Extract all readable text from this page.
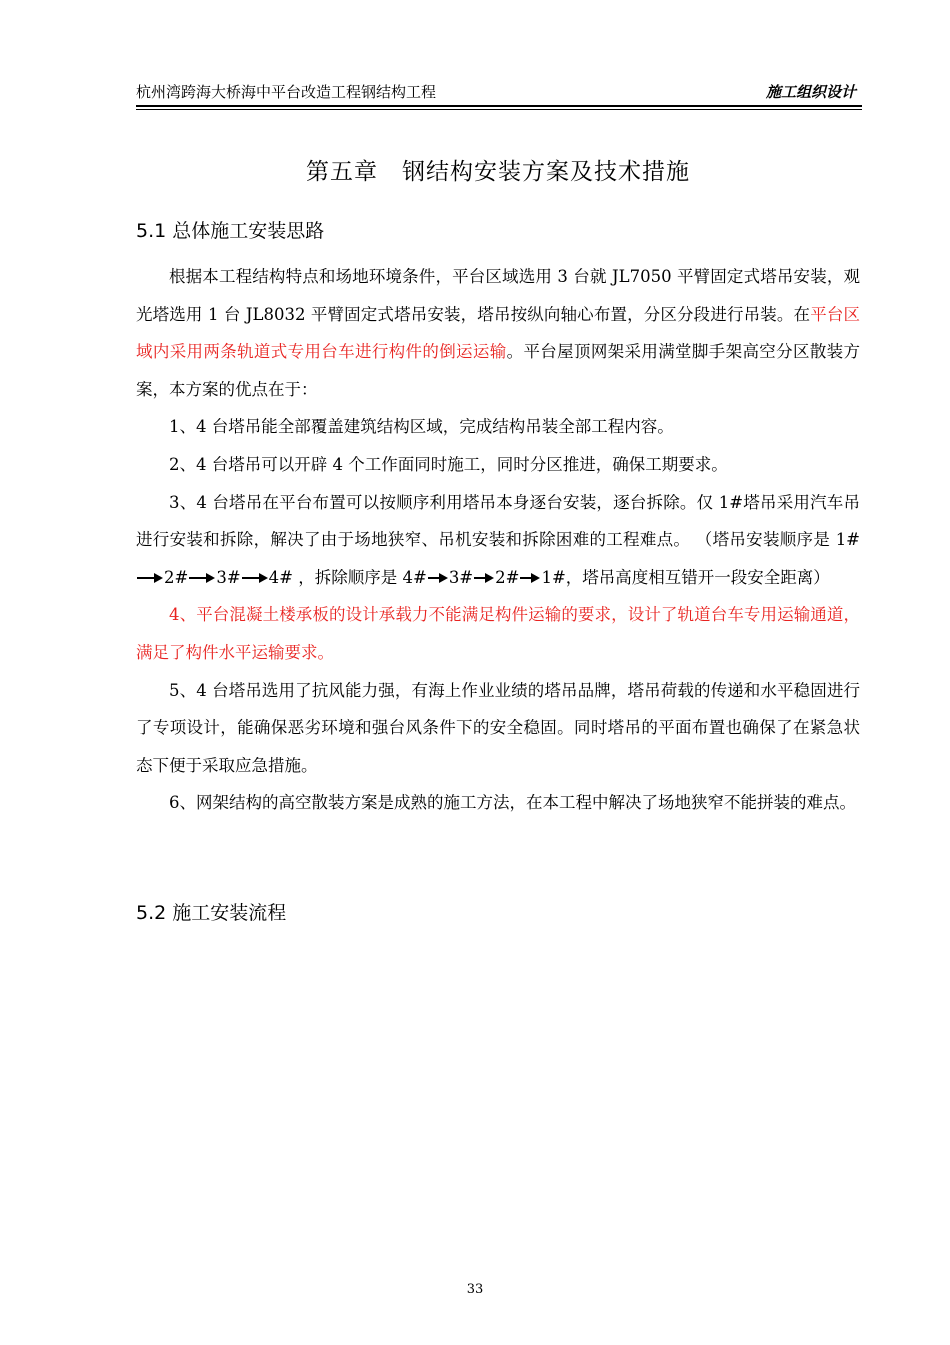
杭州湾跨海大桥海中平台改造工程钢结构工程	施工组织设计
第五章　钢结构安装方案及技术措施
5.1 总体施工安装思路

根据本工程结构特点和场地环境条件，平台区域选用 3 台就 JL7050 平臂固定式塔吊安装，观光塔选用 1 台 JL8032 平臂固定式塔吊安装，塔吊按纵向轴心布置，分区分段进行吊装。在平台区域内采用两条轨道式专用台车进行构件的倒运运输。平台屋顶网架采用满堂脚手架高空分区散装方案，本方案的优点在于：

1、4 台塔吊能全部覆盖建筑结构区域，完成结构吊装全部工程内容。

2、4 台塔吊可以开辟 4 个工作面同时施工，同时分区推进，确保工期要求。

3、4 台塔吊在平台布置可以按顺序利用塔吊本身逐台安装，逐台拆除。仅 1#塔吊采用汽车吊进行安装和拆除，解决了由于场地狭窄、吊机安装和拆除困难的工程难点。 （塔吊安装顺序是 1#2# 3# 4# ，拆除顺序是 4# 3# 2# 1#，塔吊高度相互错开一段安全距离）

4、平台混凝土楼承板的设计承载力不能满足构件运输的要求，设计了轨道台车专用运输通道，满足了构件水平运输要求。

5、4 台塔吊选用了抗风能力强，有海上作业业绩的塔吊品牌，塔吊荷载的传递和水平稳固进行了专项设计，能确保恶劣环境和强台风条件下的安全稳固。同时塔吊的平面布置也确保了在紧急状态下便于采取应急措施。

6、网架结构的高空散装方案是成熟的施工方法，在本工程中解决了场地狭窄不能拼装的难点。

5.2 施工安装流程
33
